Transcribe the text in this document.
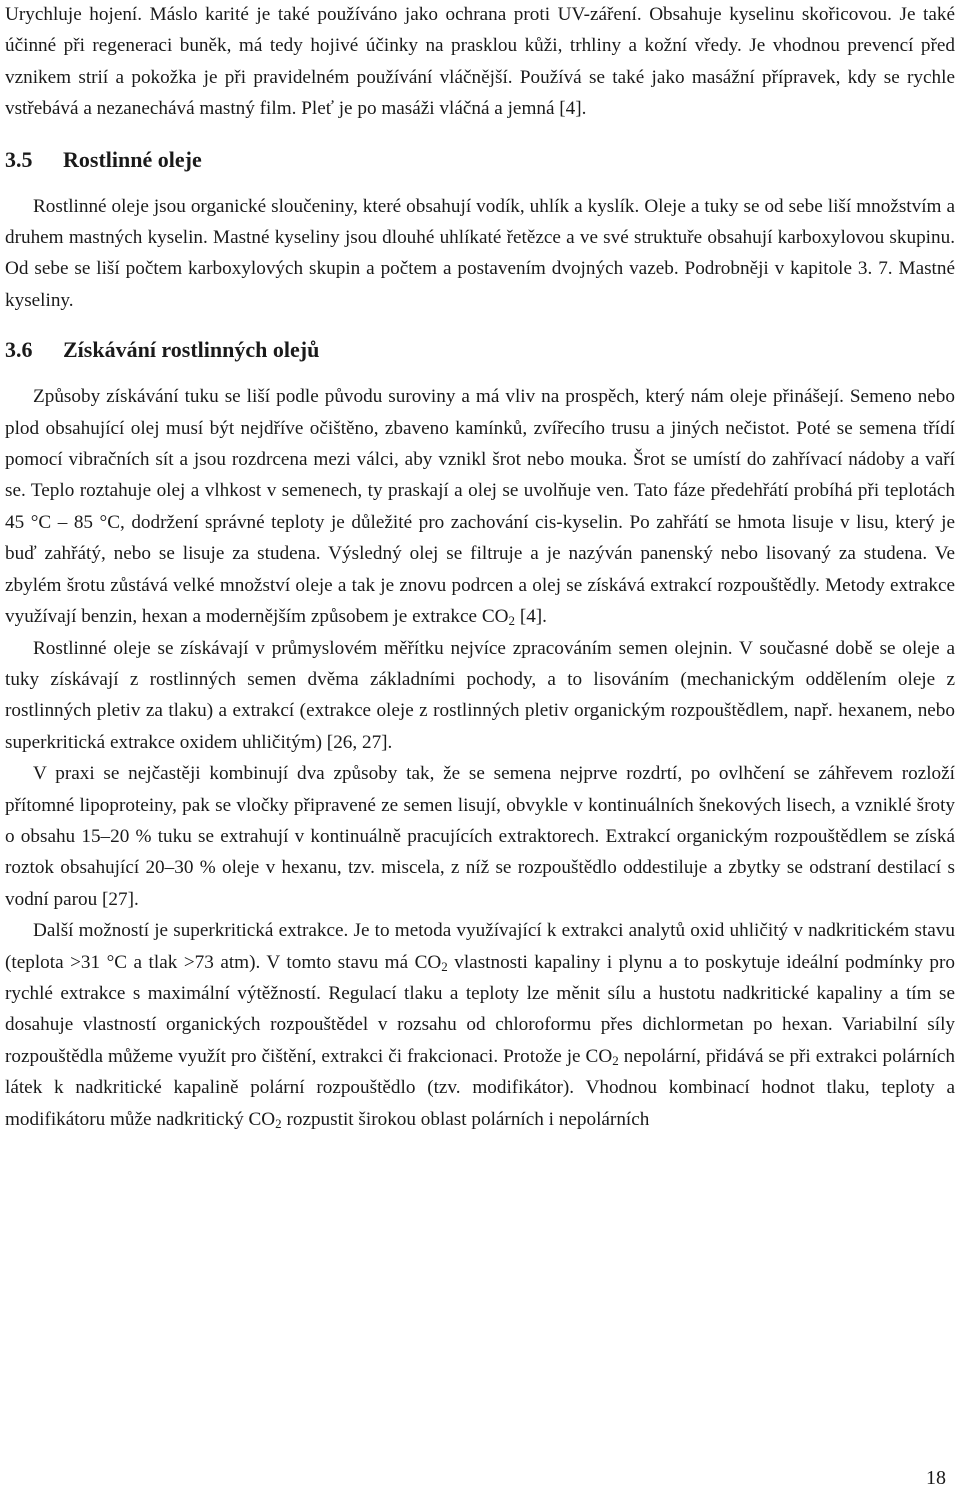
Urychluje hojení. Máslo karité je také používáno jako ochrana proti UV-záření. Obsahuje kyselinu skořicovou. Je také účinné při regeneraci buněk, má tedy hojivé účinky na prasklou kůži, trhliny a kožní vředy. Je vhodnou prevencí před vznikem strií a pokožka je při pravidelném používání vláčnější. Používá se také jako masážní přípravek, kdy se rychle vstřebává a nezanechává mastný film. Pleť je po masáži vláčná a jemná [4].

3.5	Rostlinné oleje

Rostlinné oleje jsou organické sloučeniny, které obsahují vodík, uhlík a kyslík. Oleje a tuky se od sebe liší množstvím a druhem mastných kyselin. Mastné kyseliny jsou dlouhé uhlíkaté řetězce a ve své struktuře obsahují karboxylovou skupinu. Od sebe se liší počtem karboxylových skupin a počtem a postavením dvojných vazeb. Podrobněji v kapitole 3. 7. Mastné kyseliny.

3.6	Získávání rostlinných olejů

Způsoby získávání tuku se liší podle původu suroviny a má vliv na prospěch, který nám oleje přinášejí. Semeno nebo plod obsahující olej musí být nejdříve očištěno, zbaveno kamínků, zvířecího trusu a jiných nečistot. Poté se semena třídí pomocí vibračních sít a jsou rozdrcena mezi válci, aby vznikl šrot nebo mouka. Šrot se umístí do zahřívací nádoby a vaří se. Teplo roztahuje olej a vlhkost v semenech, ty praskají a olej se uvolňuje ven. Tato fáze předehřátí probíhá při teplotách 45 °C – 85 °C, dodržení správné teploty je důležité pro zachování cis-kyselin. Po zahřátí se hmota lisuje v lisu, který je buď zahřátý, nebo se lisuje za studena. Výsledný olej se filtruje a je nazýván panenský nebo lisovaný za studena. Ve zbylém šrotu zůstává velké množství oleje a tak je znovu podrcen a olej se získává extrakcí rozpouštědly. Metody extrakce využívají benzin, hexan a modernějším způsobem je extrakce $CO_2$ [4].

Rostlinné oleje se získávají v průmyslovém měřítku nejvíce zpracováním semen olejnin. V současné době se oleje a tuky získávají z rostlinných semen dvěma základními pochody, a to lisováním (mechanickým oddělením oleje z rostlinných pletiv za tlaku) a extrakcí (extrakce oleje z rostlinných pletiv organickým rozpouštědlem, např. hexanem, nebo superkritická extrakce oxidem uhličitým) [26, 27].

V praxi se nejčastěji kombinují dva způsoby tak, že se semena nejprve rozdrtí, po ovlhčení se záhřevem rozloží přítomné lipoproteiny, pak se vločky připravené ze semen lisují, obvykle v kontinuálních šnekových lisech, a vzniklé šroty o obsahu 15–20 % tuku se extrahují v kontinuálně pracujících extraktorech. Extrakcí organickým rozpouštědlem se získá roztok obsahující 20–30 % oleje v hexanu, tzv. miscela, z níž se rozpouštědlo oddestiluje a zbytky se odstraní destilací s vodní parou [27].

Další možností je superkritická extrakce. Je to metoda využívající k extrakci analytů oxid uhličitý v nadkritickém stavu (teplota >31 °C a tlak >73 atm). V tomto stavu má $CO_2$ vlastnosti kapaliny i plynu a to poskytuje ideální podmínky pro rychlé extrakce s maximální výtěžností. Regulací tlaku a teploty lze měnit sílu a hustotu nadkritické kapaliny a tím se dosahuje vlastností organických rozpouštědel v rozsahu od chloroformu přes dichlormetan po hexan. Variabilní síly rozpouštědla můžeme využít pro čištění, extrakci či frakcionaci. Protože je $CO_2$ nepolární, přidává se při extrakci polárních látek k nadkritické kapalině polární rozpouštědlo (tzv. modifikátor). Vhodnou kombinací hodnot tlaku, teploty a modifikátoru může nadkritický $CO_2$ rozpustit širokou oblast polárních i nepolárních

18
